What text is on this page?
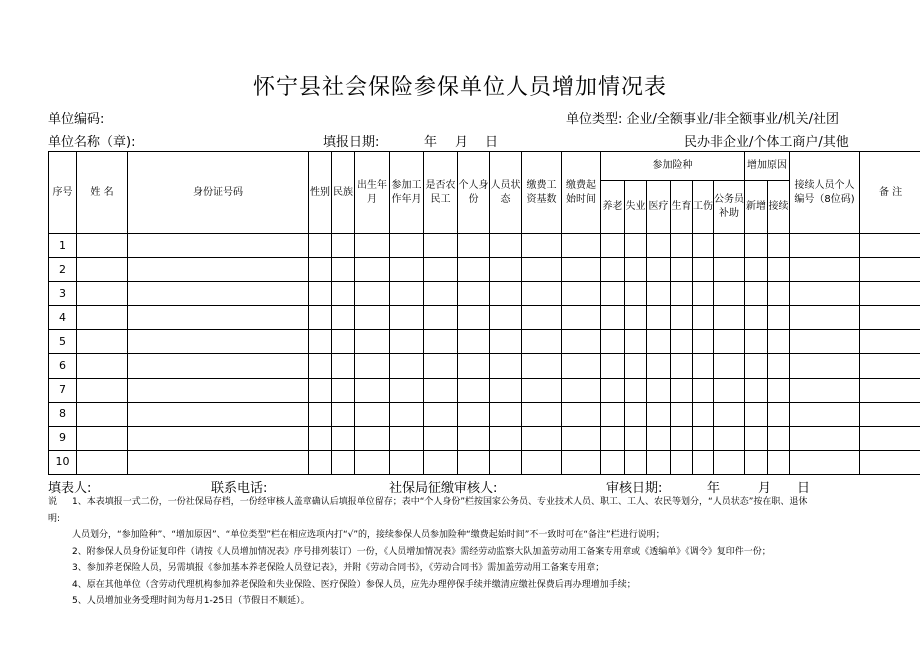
怀宁县社会保险参保单位人员增加情况表
单位编码:	单位类型: 企业/全额事业/非全额事业/机关/社团
单位名称（章):	填报日期:	年 月 日	民办非企业/个体工商户/其他
序号	姓 名	身份证号码	性别	民族	出生年月	参加工作年月	是否农民工	个人身份	人员状态	缴费工资基数	缴费起始时间	参加险种						增加原因		接续人员个人编号（8位码)	备 注
												养老	失业	医疗	生育	工伤	公务员补助	新增	接续		
1																					
2																					
3																					
4																					
5																					
6																					
7																					
8																					
9																					
10																					
填表人:	联系电话:	社保局征缴审核人:	审核日期:	年	月 日
说明:
1、本表填报一式二份，一份社保局存档，一份经审核人盖章确认后填报单位留存；表中“个人身份”栏按国家公务员、专业技术人员、职工、工人、农民等划分，“人员状态”按在职、退休
人员划分，“参加险种”、“增加原因”、“单位类型”栏在相应选项内打“√”的，接续参保人员参加险种“缴费起始时间”不一致时可在“备注”栏进行说明；
2、附参保人员身份证复印件（请按《人员增加情况表》序号排列装订）一份，《人员增加情况表》需经劳动监察大队加盖劳动用工备案专用章或《透编单》《调令》复印件一份；
3、参加养老保险人员，另需填报《参加基本养老保险人员登记表》，并附《劳动合同书》，《劳动合同书》需加盖劳动用工备案专用章；
4、原在其他单位（含劳动代理机构参加养老保险和失业保险、医疗保险）参保人员，应先办理停保手续并缴清应缴社保费后再办理增加手续；
5、人员增加业务受理时间为每月1-25日（节假日不顺延）。
